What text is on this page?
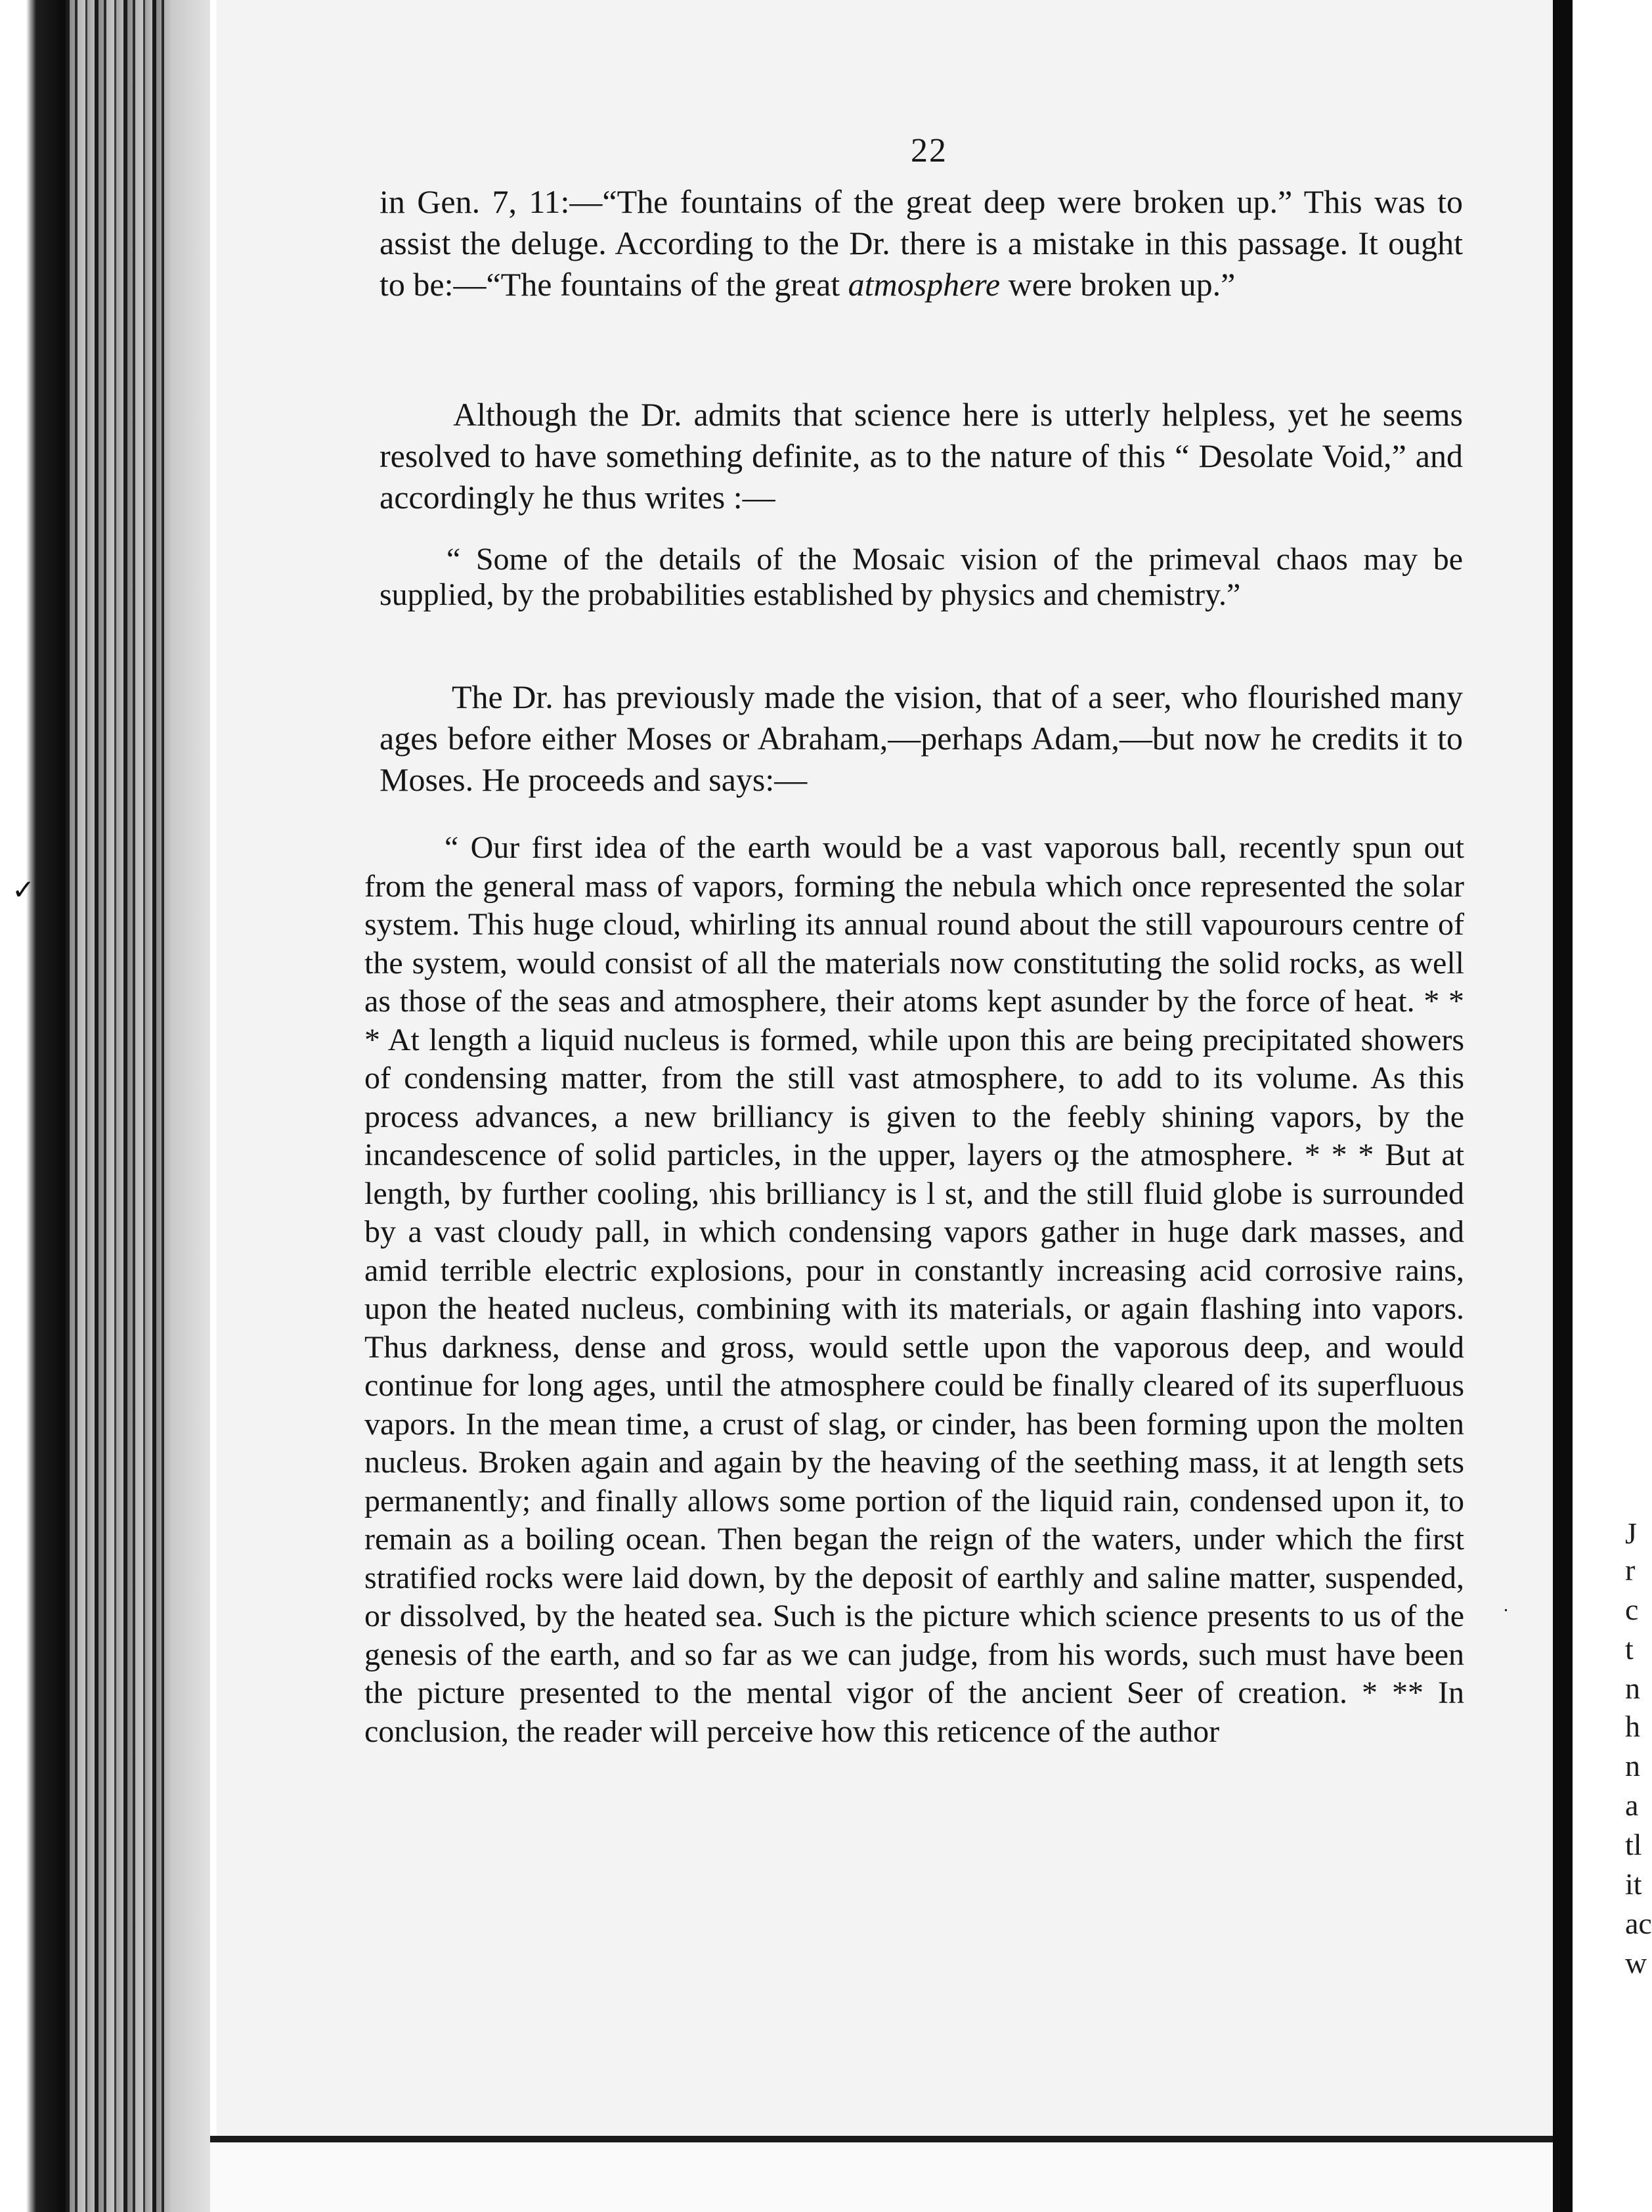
J
r
c
t
n
h
n
a
tl
it
ac
w
✓
⸱
22

in Gen. 7, 11:—“The fountains of the great deep were broken up.” This was to assist the deluge. According to the Dr. there is a mistake in this passage. It ought to be:—“The fountains of the great atmosphere were broken up.”

Although the Dr. admits that science here is utterly helpless, yet he seems resolved to have something definite, as to the nature of this “ Desolate Void,” and accordingly he thus writes :—

“ Some of the details of the Mosaic vision of the primeval chaos may be supplied, by the probabilities established by physics and chemistry.”

The Dr. has previously made the vision, that of a seer, who flourished many ages before either Moses or Abraham,—perhaps Adam,—but now he credits it to Moses. He proceeds and says:—

“ Our first idea of the earth would be a vast vaporous ball, recently spun out from the general mass of vapors, forming the nebula which once represented the solar system. This huge cloud, whirling its annual round about the still vapourours centre of the system, would consist of all the materials now constituting the solid rocks, as well as those of the seas and atmosphere, their atoms kept asunder by the force of heat. * * * At length a liquid nucleus is formed, while upon this are being precipitated showers of condensing matter, from the still vast atmosphere, to add to its volume. As this process advances, a new brilliancy is given to the feebly shining vapors, by the incandescence of solid particles, in the upper, layers oɟ the atmosphere. * * * But at length, by further cooling, ɿhis brilliancy is l st, and the still fluid globe is surrounded by a vast cloudy pall, in which condensing vapors gather in huge dark masses, and amid terrible electric explosions, pour in constantly increasing acid corrosive rains, upon the heated nucleus, combining with its materials, or again flashing into vapors. Thus darkness, dense and gross, would settle upon the vaporous deep, and would continue for long ages, until the atmosphere could be finally cleared of its superfluous vapors. In the mean time, a crust of slag, or cinder, has been forming upon the molten nucleus. Broken again and again by the heaving of the seething mass, it at length sets permanently; and finally allows some portion of the liquid rain, condensed upon it, to remain as a boiling ocean. Then began the reign of the waters, under which the first stratified rocks were laid down, by the deposit of earthly and saline matter, suspended, or dissolved, by the heated sea. Such is the picture which science presents to us of the genesis of the earth, and so far as we can judge, from his words, such must have been the picture presented to the mental vigor of the ancient Seer of creation. * ** In conclusion, the reader will perceive how this reticence of the author
